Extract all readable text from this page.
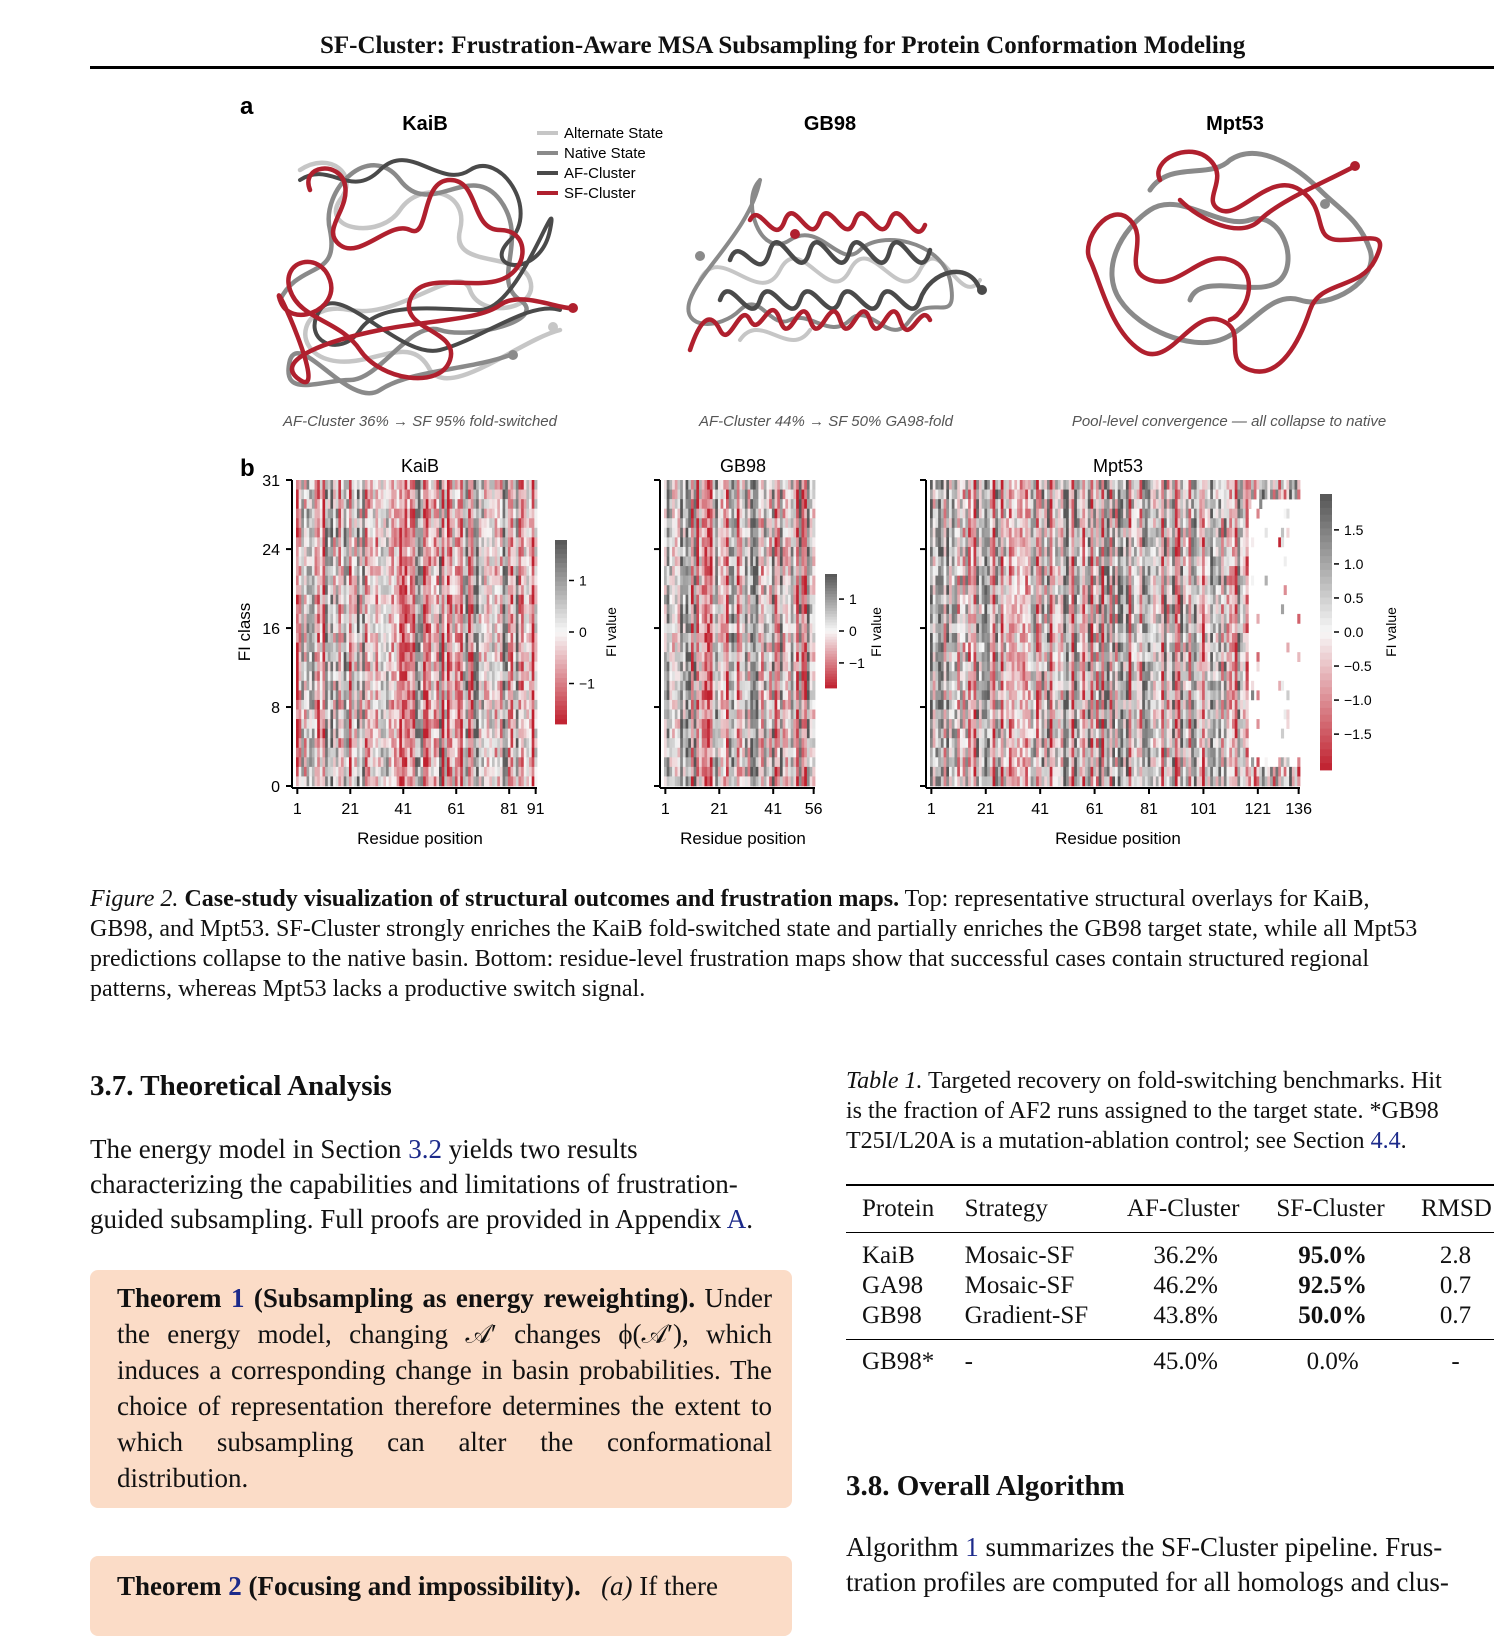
SF-Cluster: Frustration-Aware MSA Subsampling for Protein Conformation Modeling
a
KaiB
AF-Cluster 36% → SF 95% fold-switched
Alternate State
Native State
AF-Cluster
SF-Cluster
GB98
AF-Cluster 44% → SF 50% GA98-fold
Mpt53
Pool-level convergence — all collapse to native
b
FI class
KaiB
Residue position
FI value
31
24
16
8
0
1 21 41 61 81 91
1
0
−1
GB98
Residue position
FI value
1	21 41 56
1
0
−1
Mpt53
Residue position
FI value
1	21 41 61 81 101 121 136
1.5
1.0
0.5
0.0
−0.5
−1.0
−1.5
Figure 2. Case-study visualization of structural outcomes and frustration maps. Top: representative structural overlays for KaiB,
GB98, and Mpt53. SF-Cluster strongly enriches the KaiB fold-switched state and partially enriches the GB98 target state, while all Mpt53
predictions collapse to the native basin. Bottom: residue-level frustration maps show that successful cases contain structured regional
patterns, whereas Mpt53 lacks a productive switch signal.
3.7. Theoretical Analysis
The energy model in Section 3.2 yields two results characterizing the capabilities and limitations of frustration-guided subsampling. Full proofs are provided in Appendix A.
Theorem 1 (Subsampling as energy reweighting). Under the energy model, changing 𝒜′ changes ϕ(𝒜′), which induces a corresponding change in basin probabilities. The choice of representation therefore determines the extent to which subsampling can alter the conformational distribution.
Theorem 2 (Focusing and impossibility). (a) If there
Table 1. Targeted recovery on fold-switching benchmarks. Hit
is the fraction of AF2 runs assigned to the target state. *GB98
T25I/L20A is a mutation-ablation control; see Section 4.4.
Protein	Strategy	AF-Cluster	SF-Cluster	RMSD
KaiB	Mosaic-SF	36.2%	95.0%	2.8
GA98	Mosaic-SF	46.2%	92.5%	0.7
GB98	Gradient-SF	43.8%	50.0%	0.7
GB98*	-	45.0%	0.0%	-
3.8. Overall Algorithm
Algorithm 1 summarizes the SF-Cluster pipeline. Frus-
tration profiles are computed for all homologs and clus-
